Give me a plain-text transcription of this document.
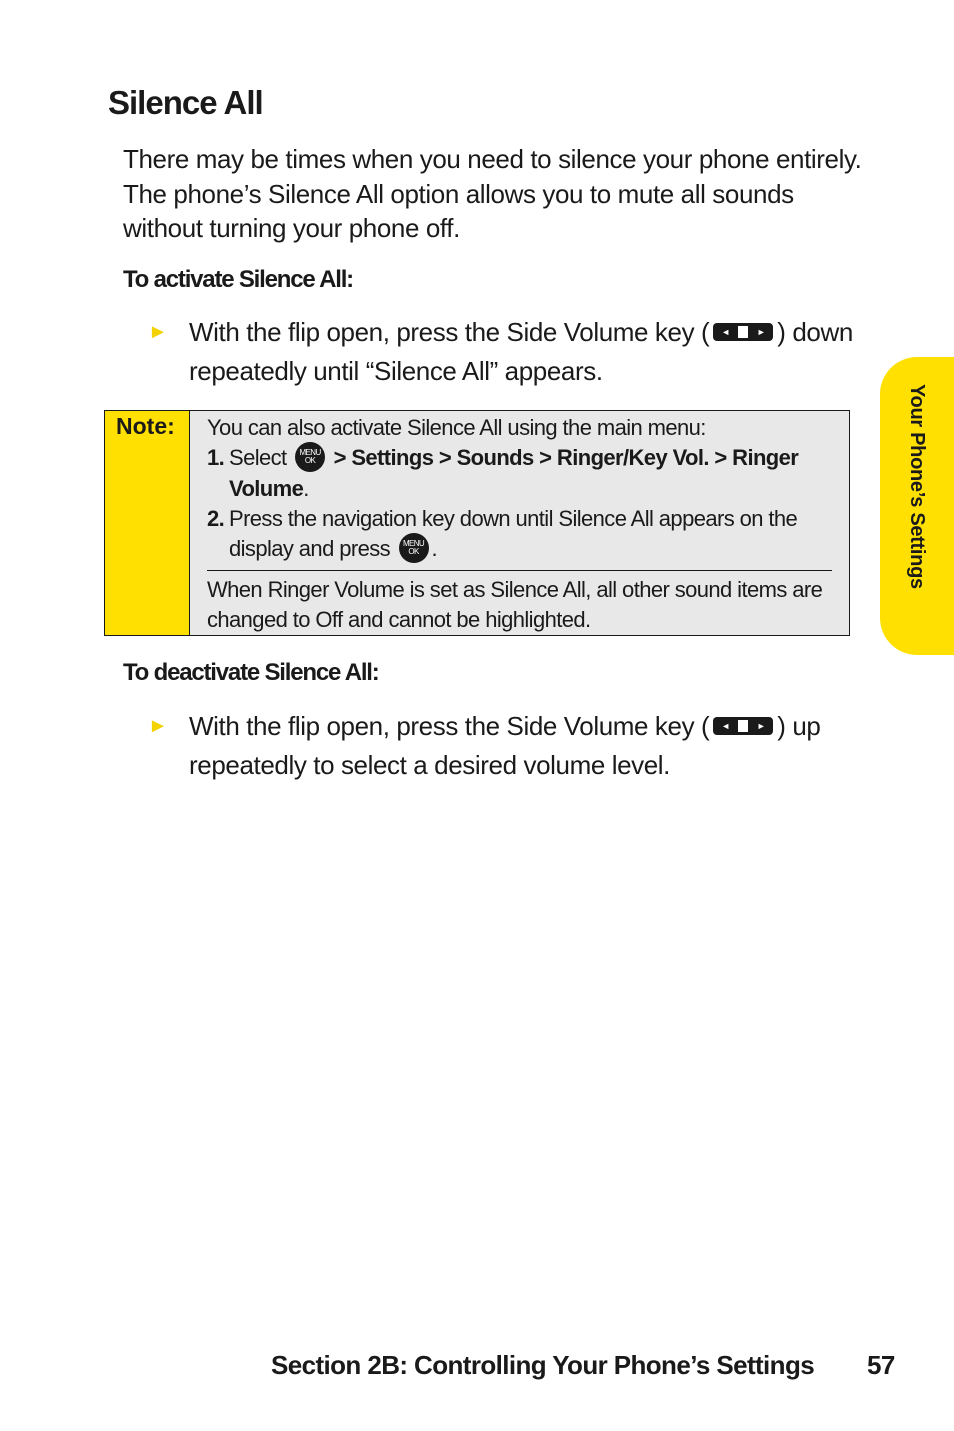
Silence All

There may be times when you need to silence your phone entirely. The phone’s Silence All option allows you to mute all sounds without turning your phone off.

To activate Silence All:

► With the flip open, press the Side Volume key ( ◄	► ) down repeatedly until “Silence All” appears.
Note:	You can also activate Silence All using the main menu:

1. Select	MENU
OK > Settings > Sounds > Ringer/Key Vol. > Ringer Volume.

2. Press the navigation key down until Silence All appears on the display and press	MENU
OK .

When Ringer Volume is set as Silence All, all other sound items are changed to Off and cannot be highlighted.

To deactivate Silence All:

► With the flip open, press the Side Volume key ( ◄	► ) up repeatedly to select a desired volume level.
Your Phone’s Settings
Section 2B: Controlling Your Phone’s Settings 57
